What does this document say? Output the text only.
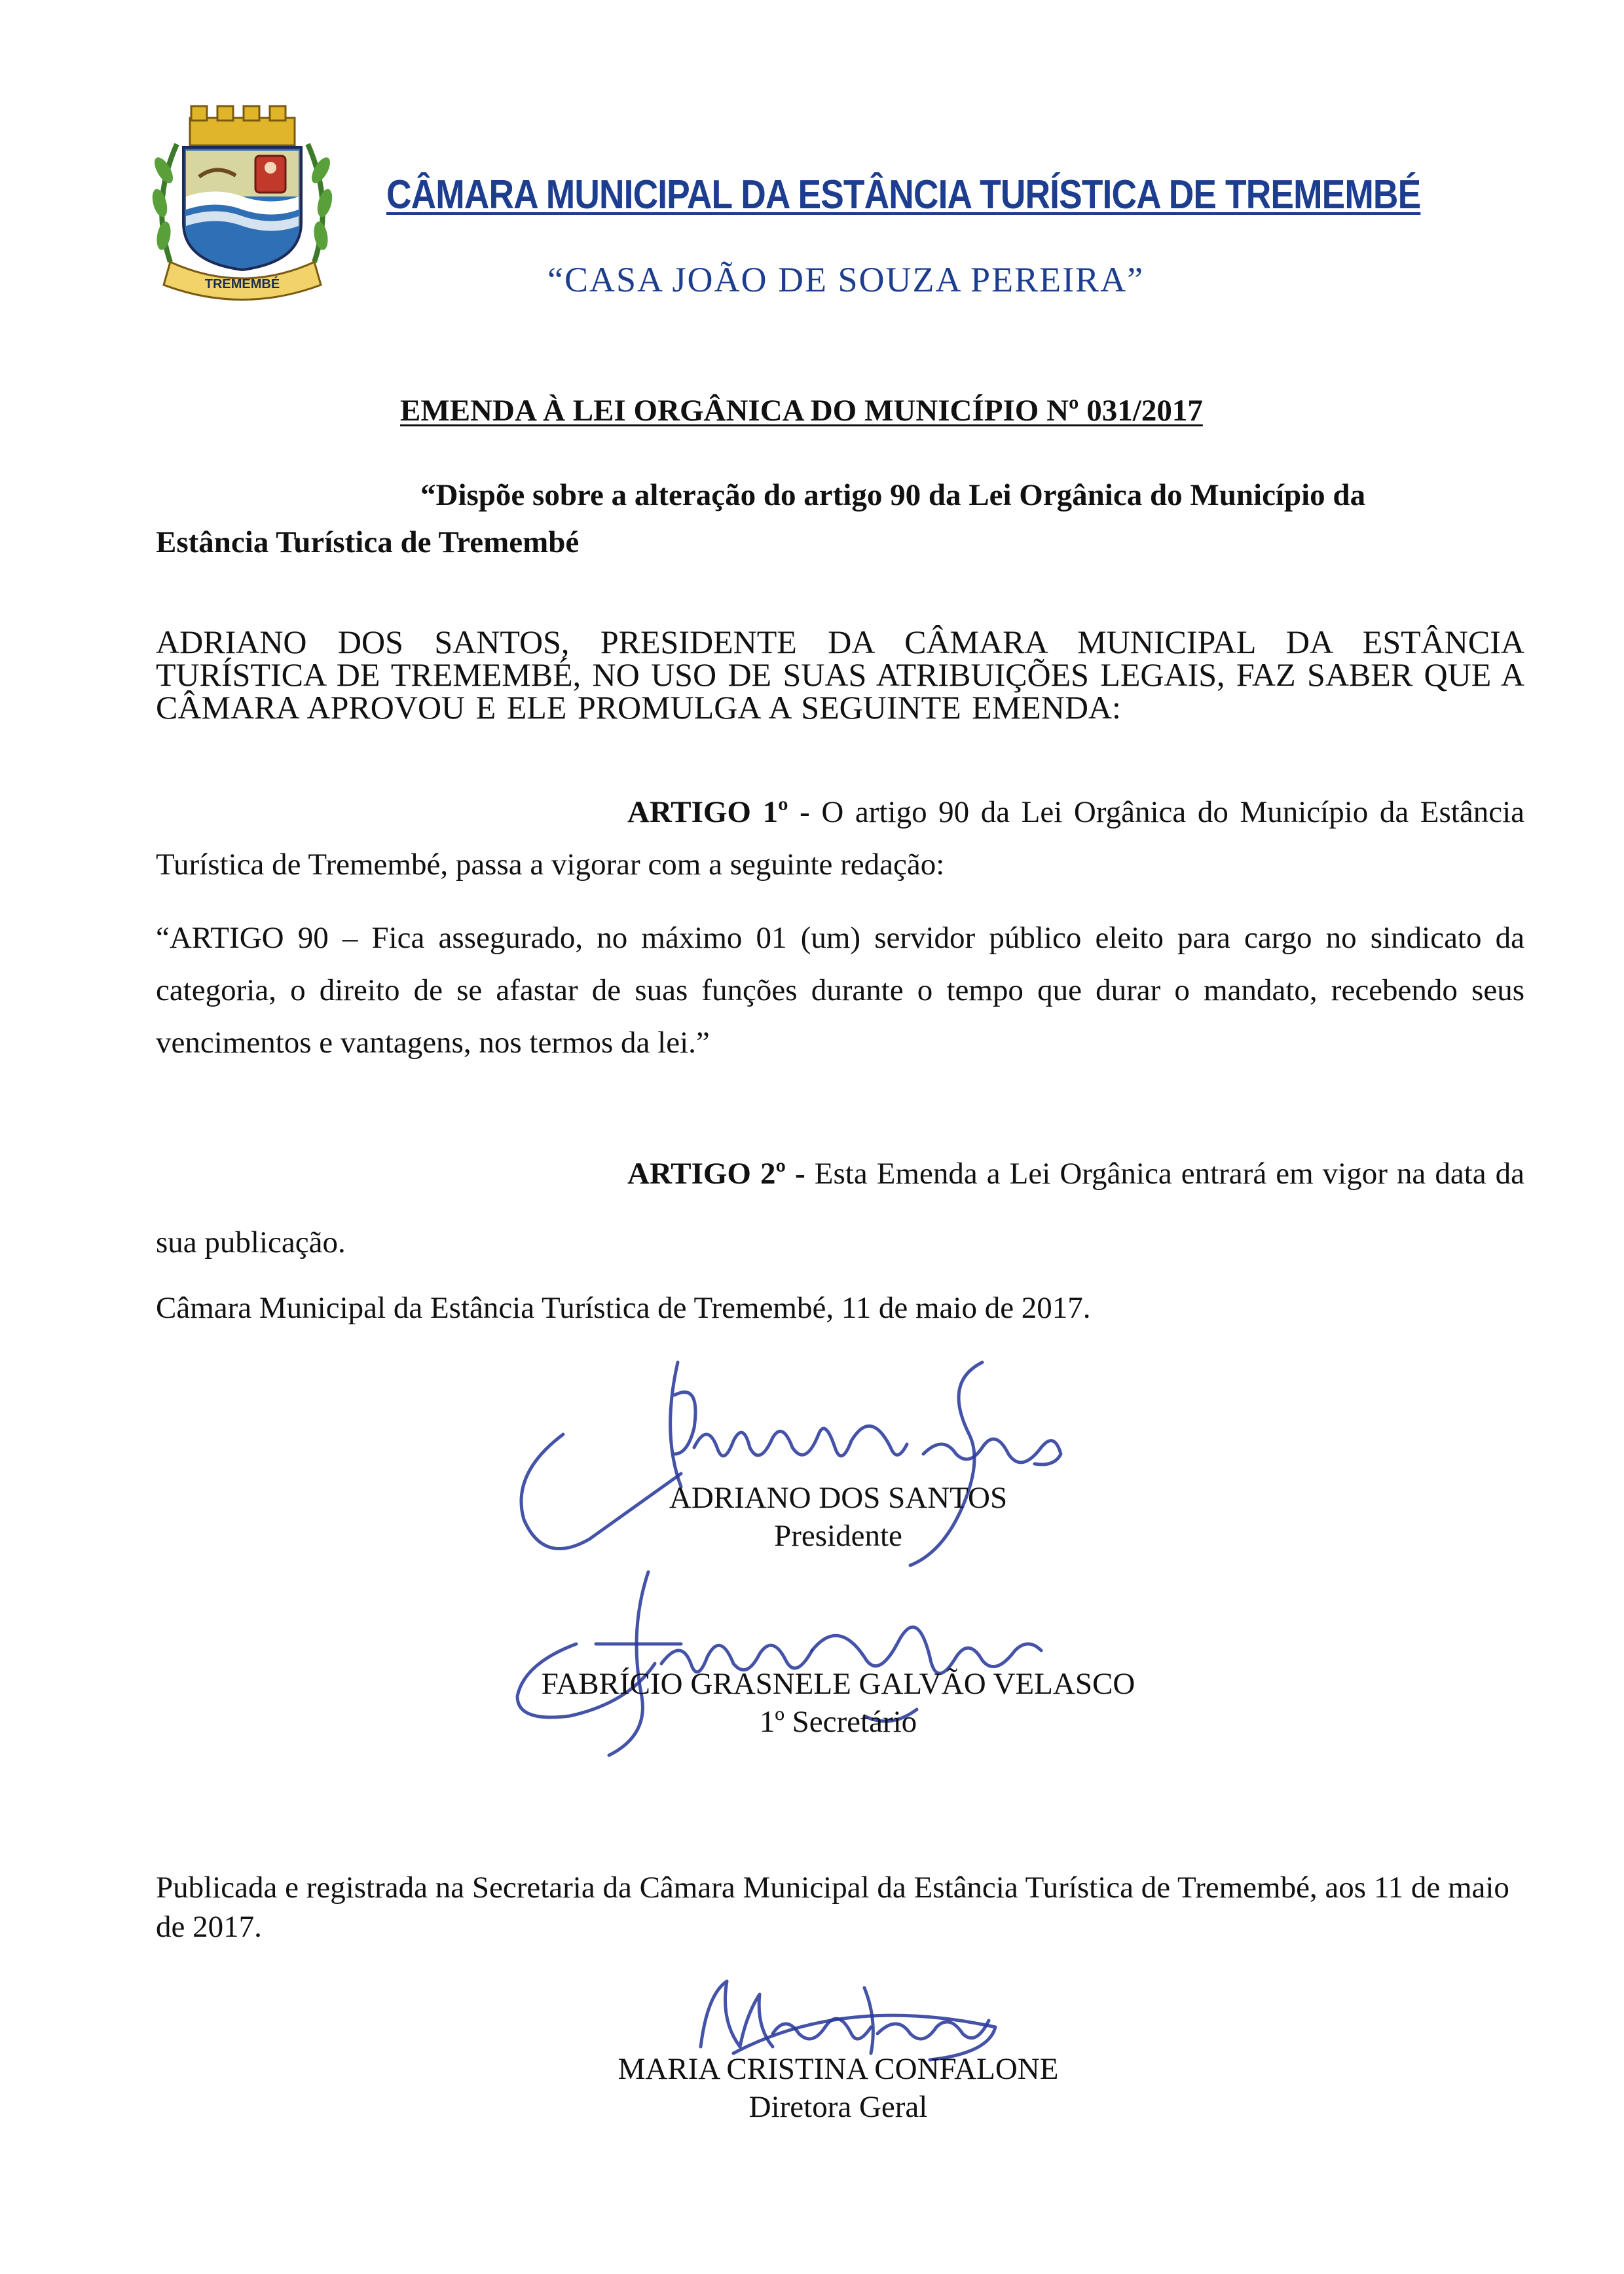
TREMEMBÉ
CÂMARA MUNICIPAL DA ESTÂNCIA TURÍSTICA DE TREMEMBÉ
“CASA JOÃO DE SOUZA PEREIRA”
EMENDA À LEI ORGÂNICA DO MUNICÍPIO Nº 031/2017
“Dispõe sobre a alteração do artigo 90 da Lei Orgânica do Município da Estância Turística de Tremembé
ADRIANO DOS SANTOS, PRESIDENTE DA CÂMARA MUNICIPAL DA ESTÂNCIA TURÍSTICA DE TREMEMBÉ, NO USO DE SUAS ATRIBUIÇÕES LEGAIS, FAZ SABER QUE A CÂMARA APROVOU E ELE PROMULGA A SEGUINTE EMENDA:
ARTIGO 1º - O artigo 90 da Lei Orgânica do Município da Estância Turística de Tremembé, passa a vigorar com a seguinte redação:
“ARTIGO 90 – Fica assegurado, no máximo 01 (um) servidor público eleito para cargo no sindicato da categoria, o direito de se afastar de suas funções durante o tempo que durar o mandato, recebendo seus vencimentos e vantagens, nos termos da lei.”
ARTIGO 2º - Esta Emenda a Lei Orgânica entrará em vigor na data da sua publicação.
Câmara Municipal da Estância Turística de Tremembé, 11 de maio de 2017.
ADRIANO DOS SANTOS
Presidente
FABRÍCIO GRASNELE GALVÃO VELASCO
1º Secretário
Publicada e registrada na Secretaria da Câmara Municipal da Estância Turística de Tremembé, aos 11 de maio de 2017.
MARIA CRISTINA CONFALONE
Diretora Geral
